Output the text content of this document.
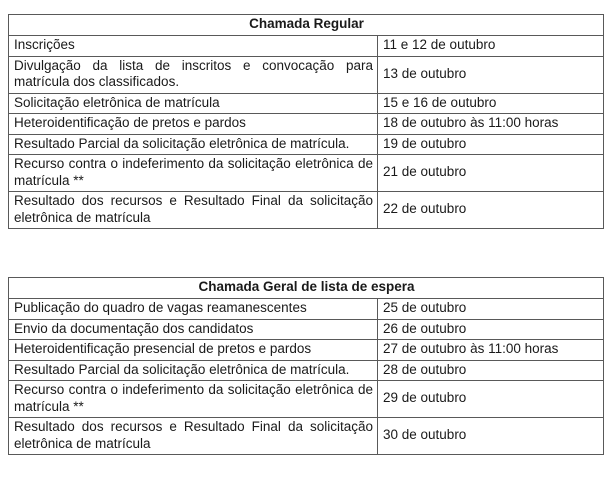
Chamada Regular	
Inscrições	11 e 12 de outubro
Divulgação da lista de inscritos e convocação para matrícula dos classificados.	13 de outubro
Solicitação eletrônica de matrícula	15 e 16 de outubro
Heteroidentificação de pretos e pardos	18 de outubro às 11:00 horas
Resultado Parcial da solicitação eletrônica de matrícula.	19 de outubro
Recurso contra o indeferimento da solicitação eletrônica de matrícula **	21 de outubro
Resultado dos recursos e Resultado Final da solicitação eletrônica de matrícula	22 de outubro
Chamada Geral de lista de espera	
Publicação do quadro de vagas reamanescentes	25 de outubro
Envio da documentação dos candidatos	26 de outubro
Heteroidentificação presencial de pretos e pardos	27 de outubro às 11:00 horas
Resultado Parcial da solicitação eletrônica de matrícula.	28 de outubro
Recurso contra o indeferimento da solicitação eletrônica de matrícula **	29 de outubro
Resultado dos recursos e Resultado Final da solicitação eletrônica de matrícula	30 de outubro
